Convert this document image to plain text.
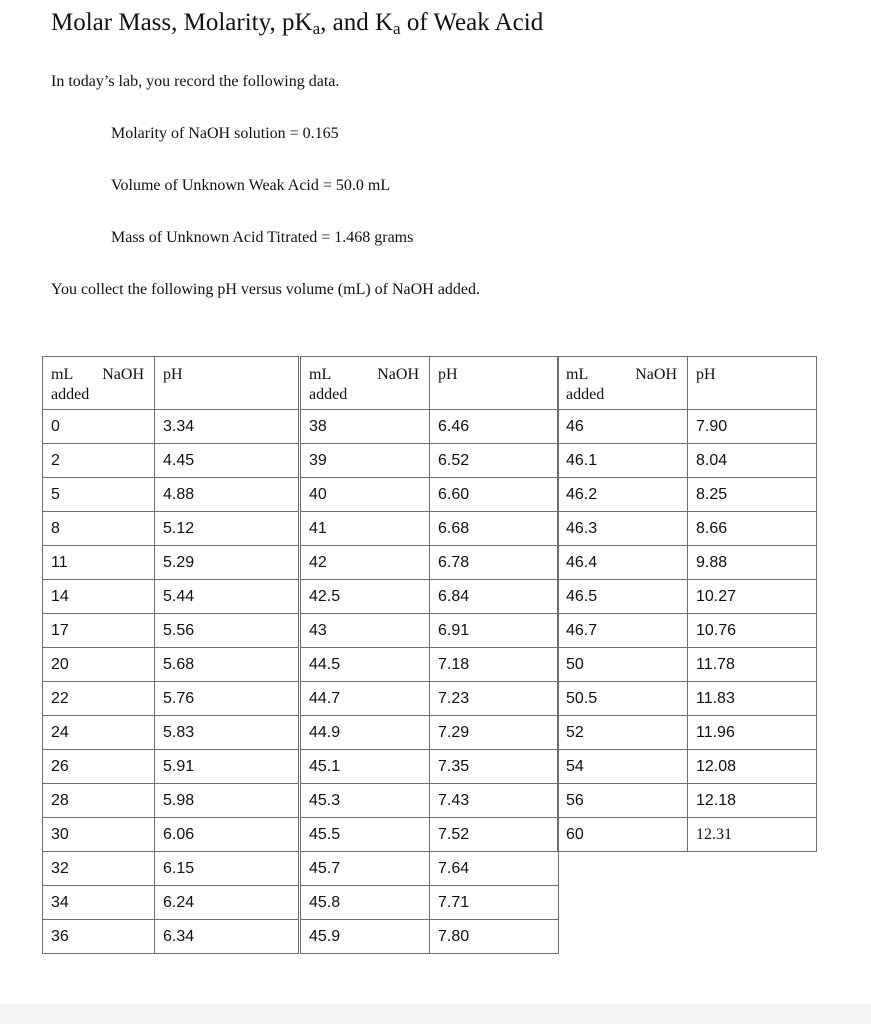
Molar Mass, Molarity, $pK_a$, and $K_a$ of Weak Acid
In today’s lab, you record the following data.
Molarity of NaOH solution = 0.165
Volume of Unknown Weak Acid = 50.0 mL
Mass of Unknown Acid Titrated = 1.468 grams
You collect the following pH versus volume (mL) of NaOH added.
mL NaOH
added	pH
0	3.34
2	4.45
5	4.88
8	5.12
11	5.29
14	5.44
17	5.56
20	5.68
22	5.76
24	5.83
26	5.91
28	5.98
30	6.06
32	6.15
34	6.24
36	6.34
mL NaOH
added	pH
38	6.46
39	6.52
40	6.60
41	6.68
42	6.78
42.5	6.84
43	6.91
44.5	7.18
44.7	7.23
44.9	7.29
45.1	7.35
45.3	7.43
45.5	7.52
45.7	7.64
45.8	7.71
45.9	7.80
mL NaOH
added	pH
46	7.90
46.1	8.04
46.2	8.25
46.3	8.66
46.4	9.88
46.5	10.27
46.7	10.76
50	11.78
50.5	11.83
52	11.96
54	12.08
56	12.18
60	12.31
